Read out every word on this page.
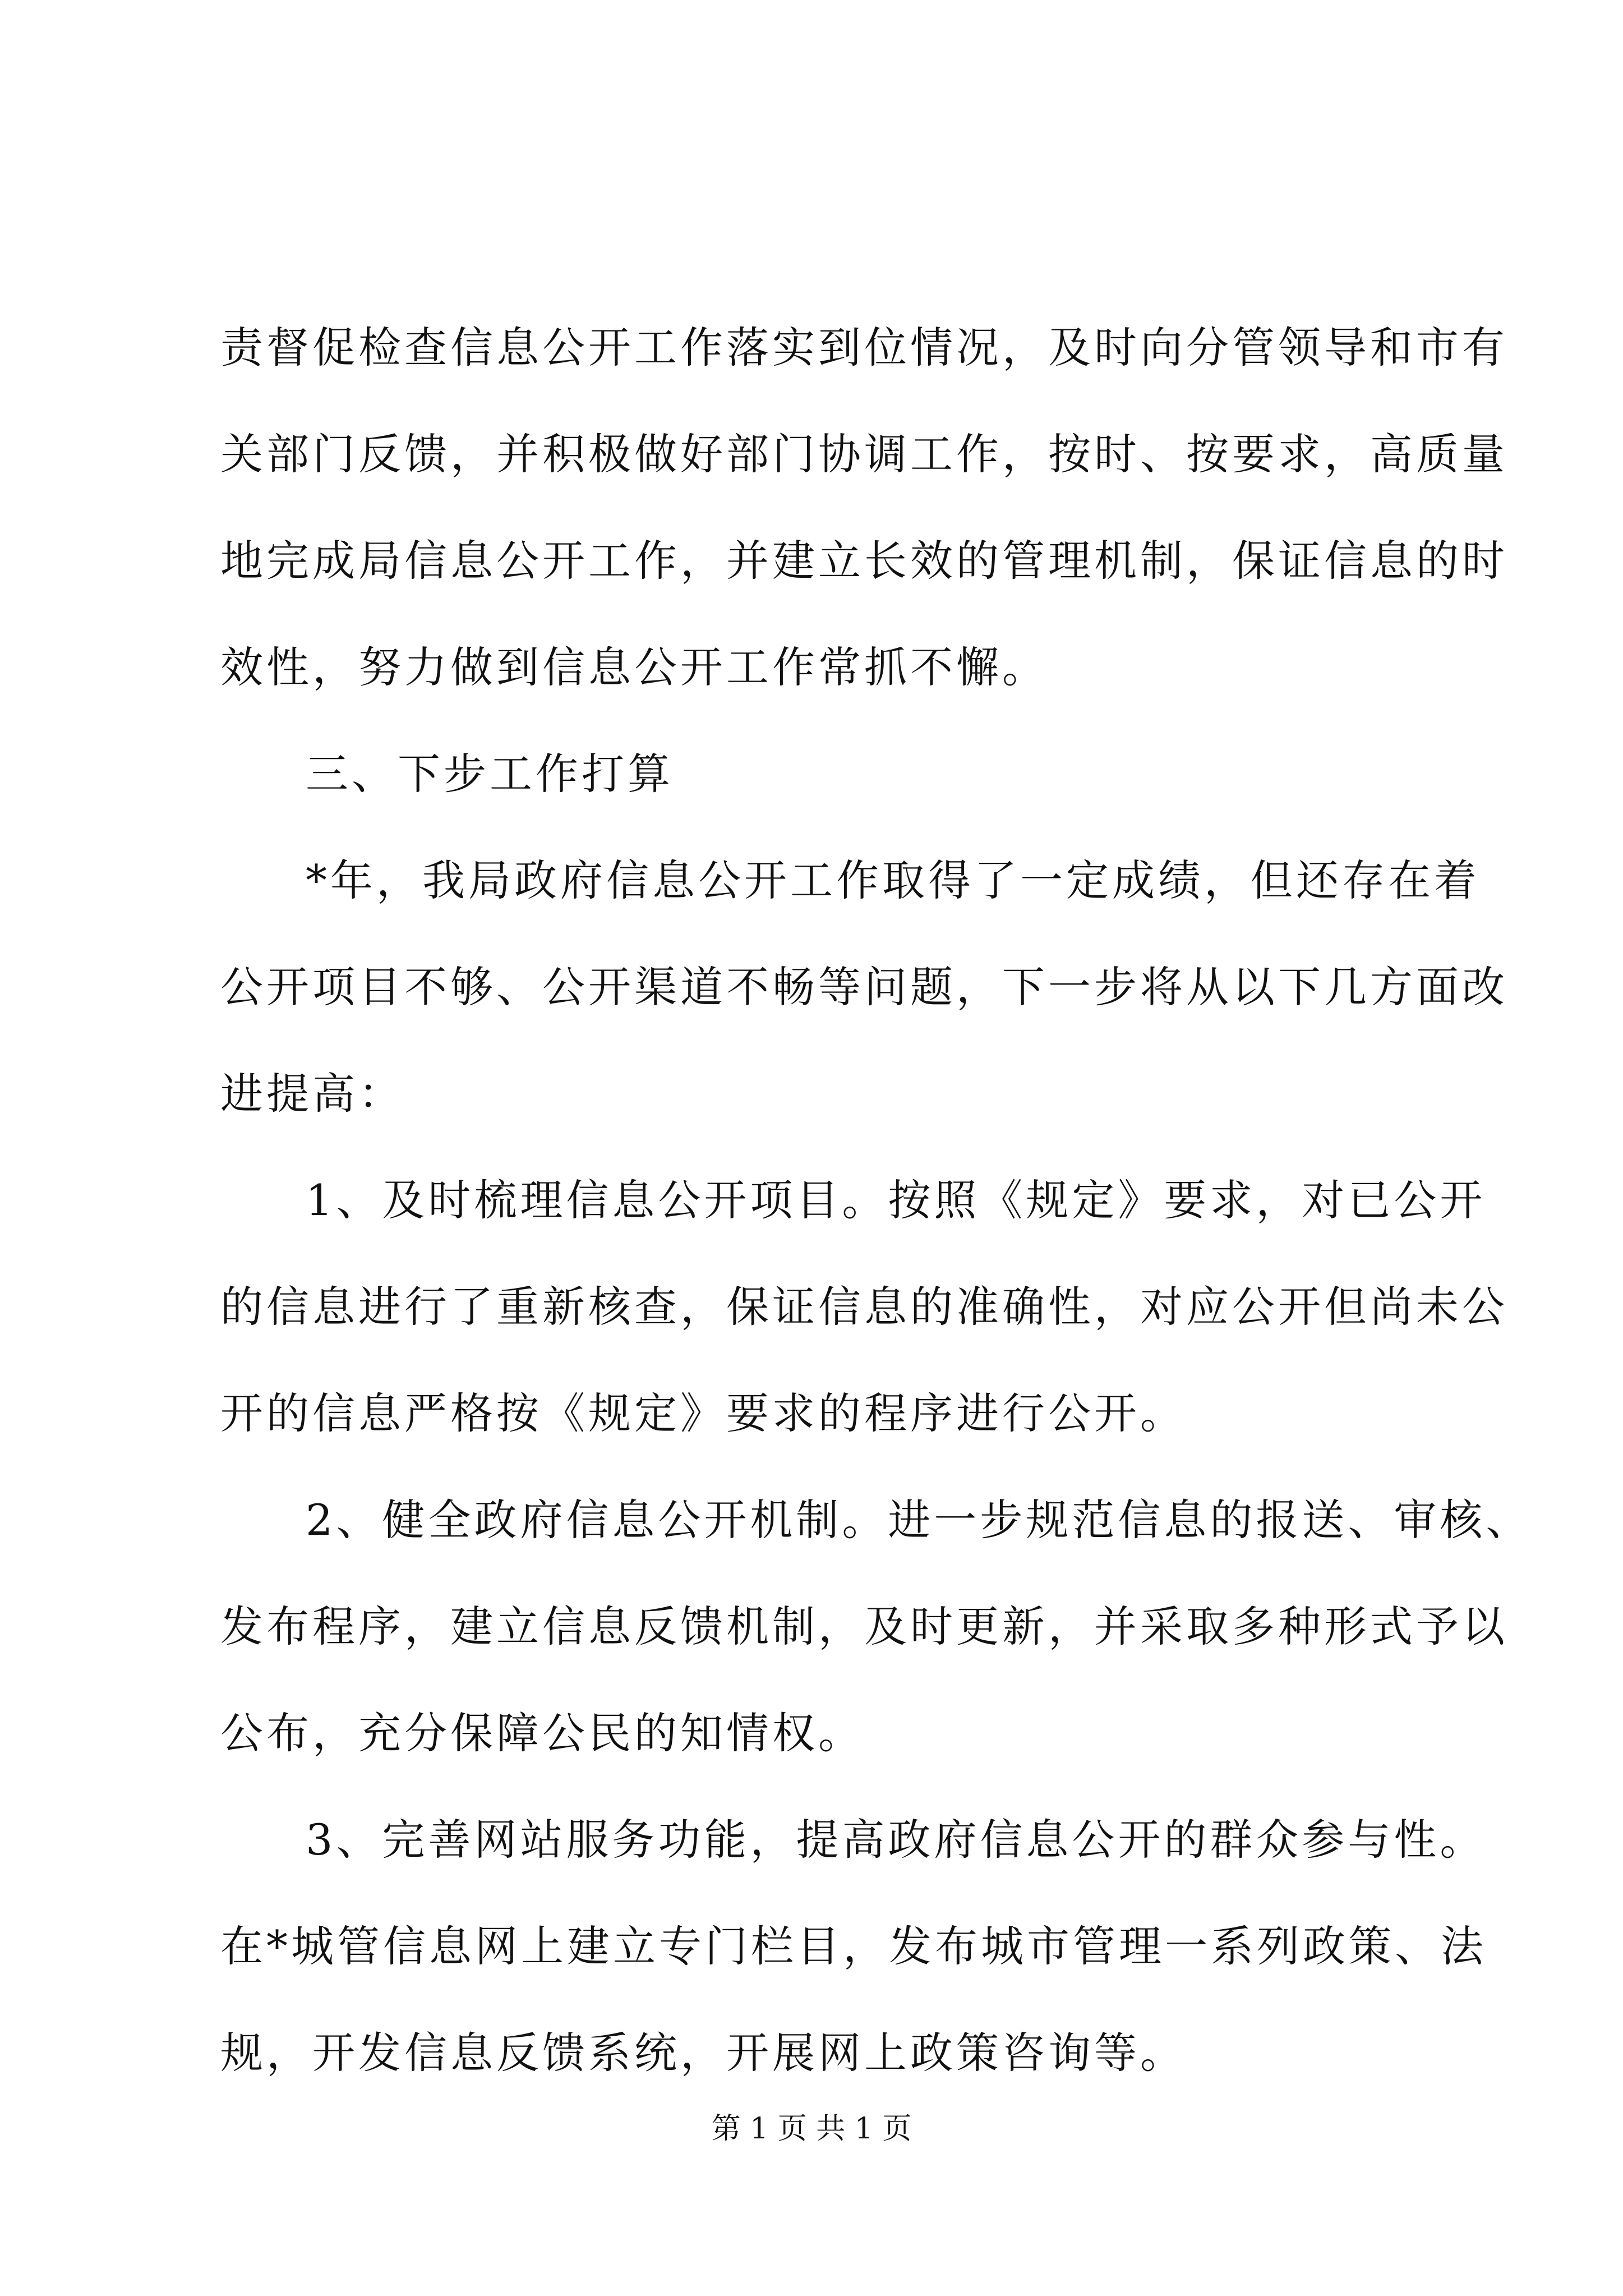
责督促检查信息公开工作落实到位情况，及时向分管领导和市有
关部门反馈，并积极做好部门协调工作，按时、按要求，高质量
地完成局信息公开工作，并建立长效的管理机制，保证信息的时
效性，努力做到信息公开工作常抓不懈。
三、下步工作打算
*年，我局政府信息公开工作取得了一定成绩，但还存在着
公开项目不够、公开渠道不畅等问题，下一步将从以下几方面改
进提高：
1、及时梳理信息公开项目。按照《规定》要求，对已公开
的信息进行了重新核查，保证信息的准确性，对应公开但尚未公
开的信息严格按《规定》要求的程序进行公开。
2、健全政府信息公开机制。进一步规范信息的报送、审核、
发布程序，建立信息反馈机制，及时更新，并采取多种形式予以
公布，充分保障公民的知情权。
3、完善网站服务功能，提高政府信息公开的群众参与性。
在*城管信息网上建立专门栏目，发布城市管理一系列政策、法
规，开发信息反馈系统，开展网上政策咨询等。
第 1 页 共 1 页
